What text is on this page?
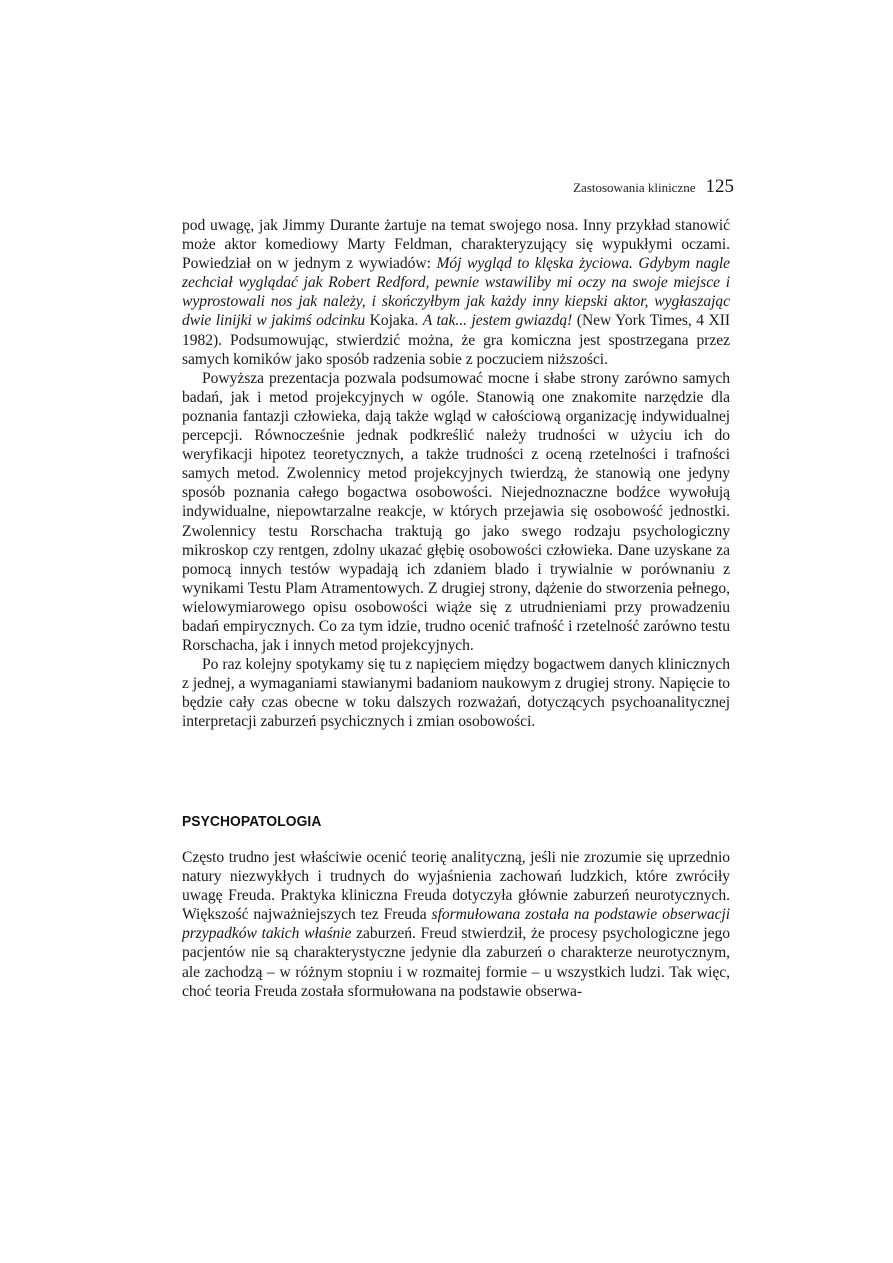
Zastosowania kliniczne 125

pod uwagę, jak Jimmy Durante żartuje na temat swojego nosa. Inny przykład stanowić może aktor komediowy Marty Feldman, charakteryzujący się wypukłymi oczami. Powiedział on w jednym z wywiadów: Mój wygląd to klęska życiowa. Gdybym nagle zechciał wyglądać jak Robert Redford, pewnie wstawiliby mi oczy na swoje miejsce i wyprostowali nos jak należy, i skończyłbym jak każdy inny kiepski aktor, wygłaszając dwie linijki w jakimś odcinku Kojaka. A tak... jestem gwiazdą! (New York Times, 4 XII 1982). Podsumowując, stwierdzić można, że gra komiczna jest spostrzegana przez samych komików jako sposób radzenia sobie z poczuciem niższości.

Powyższa prezentacja pozwala podsumować mocne i słabe strony zarówno samych badań, jak i metod projekcyjnych w ogóle. Stanowią one znakomite narzędzie dla poznania fantazji człowieka, dają także wgląd w całościową organizację indywidualnej percepcji. Równocześnie jednak podkreślić należy trudności w użyciu ich do weryfikacji hipotez teoretycznych, a także trudności z oceną rzetelności i trafności samych metod. Zwolennicy metod projekcyjnych twierdzą, że stanowią one jedyny sposób poznania całego bogactwa osobowości. Niejednoznaczne bodźce wywołują indywidualne, niepowtarzalne reakcje, w których przejawia się osobowość jednostki. Zwolennicy testu Rorschacha traktują go jako swego rodzaju psychologiczny mikroskop czy rentgen, zdolny ukazać głębię osobowości człowieka. Dane uzyskane za pomocą innych testów wypadają ich zdaniem blado i trywialnie w porównaniu z wynikami Testu Plam Atramentowych. Z drugiej strony, dążenie do stworzenia pełnego, wielowymiarowego opisu osobowości wiąże się z utrudnieniami przy prowadzeniu badań empirycznych. Co za tym idzie, trudno ocenić trafność i rzetelność zarówno testu Rorschacha, jak i innych metod projekcyjnych.

Po raz kolejny spotykamy się tu z napięciem między bogactwem danych klinicznych z jednej, a wymaganiami stawianymi badaniom naukowym z drugiej strony. Napięcie to będzie cały czas obecne w toku dalszych rozważań, dotyczących psychoanalitycznej interpretacji zaburzeń psychicznych i zmian osobowości.

PSYCHOPATOLOGIA

Często trudno jest właściwie ocenić teorię analityczną, jeśli nie zrozumie się uprzednio natury niezwykłych i trudnych do wyjaśnienia zachowań ludzkich, które zwróciły uwagę Freuda. Praktyka kliniczna Freuda dotyczyła głównie zaburzeń neurotycznych. Większość najważniejszych tez Freuda sformułowana została na podstawie obserwacji przypadków takich właśnie zaburzeń. Freud stwierdził, że procesy psychologiczne jego pacjentów nie są charakterystyczne jedynie dla zaburzeń o charakterze neurotycznym, ale zachodzą – w różnym stopniu i w rozmaitej formie – u wszystkich ludzi. Tak więc, choć teoria Freuda została sformułowana na podstawie obserwa-
